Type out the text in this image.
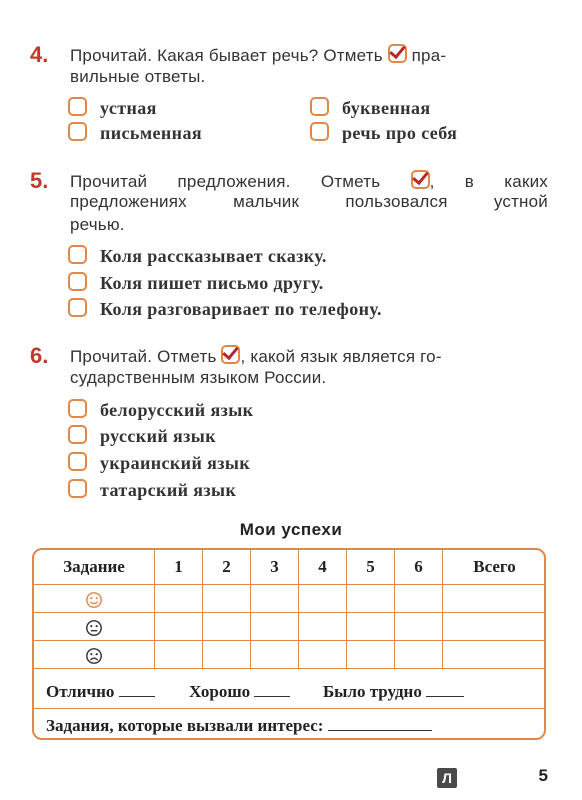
4. Прочитай. Какая бывает речь? Отметь пра-
вильные ответы.
устная	буквенная
письменная	речь про себя
5. Прочитай предложения. Отметь	, в каких
предложениях мальчик пользовался устной
речью.
Коля рассказывает сказку.
Коля пишет письмо другу.
Коля разговаривает по телефону.
6. Прочитай. Отметь , какой язык является го-
сударственным языком России.
белорусский язык
русский язык
украинский язык
татарский язык
Мои успехи
Задание	1	2	3	4	5	6	Всего

Отлично	Хорошо	Было трудно
Задания, которые вызвали интерес:
Л	5
